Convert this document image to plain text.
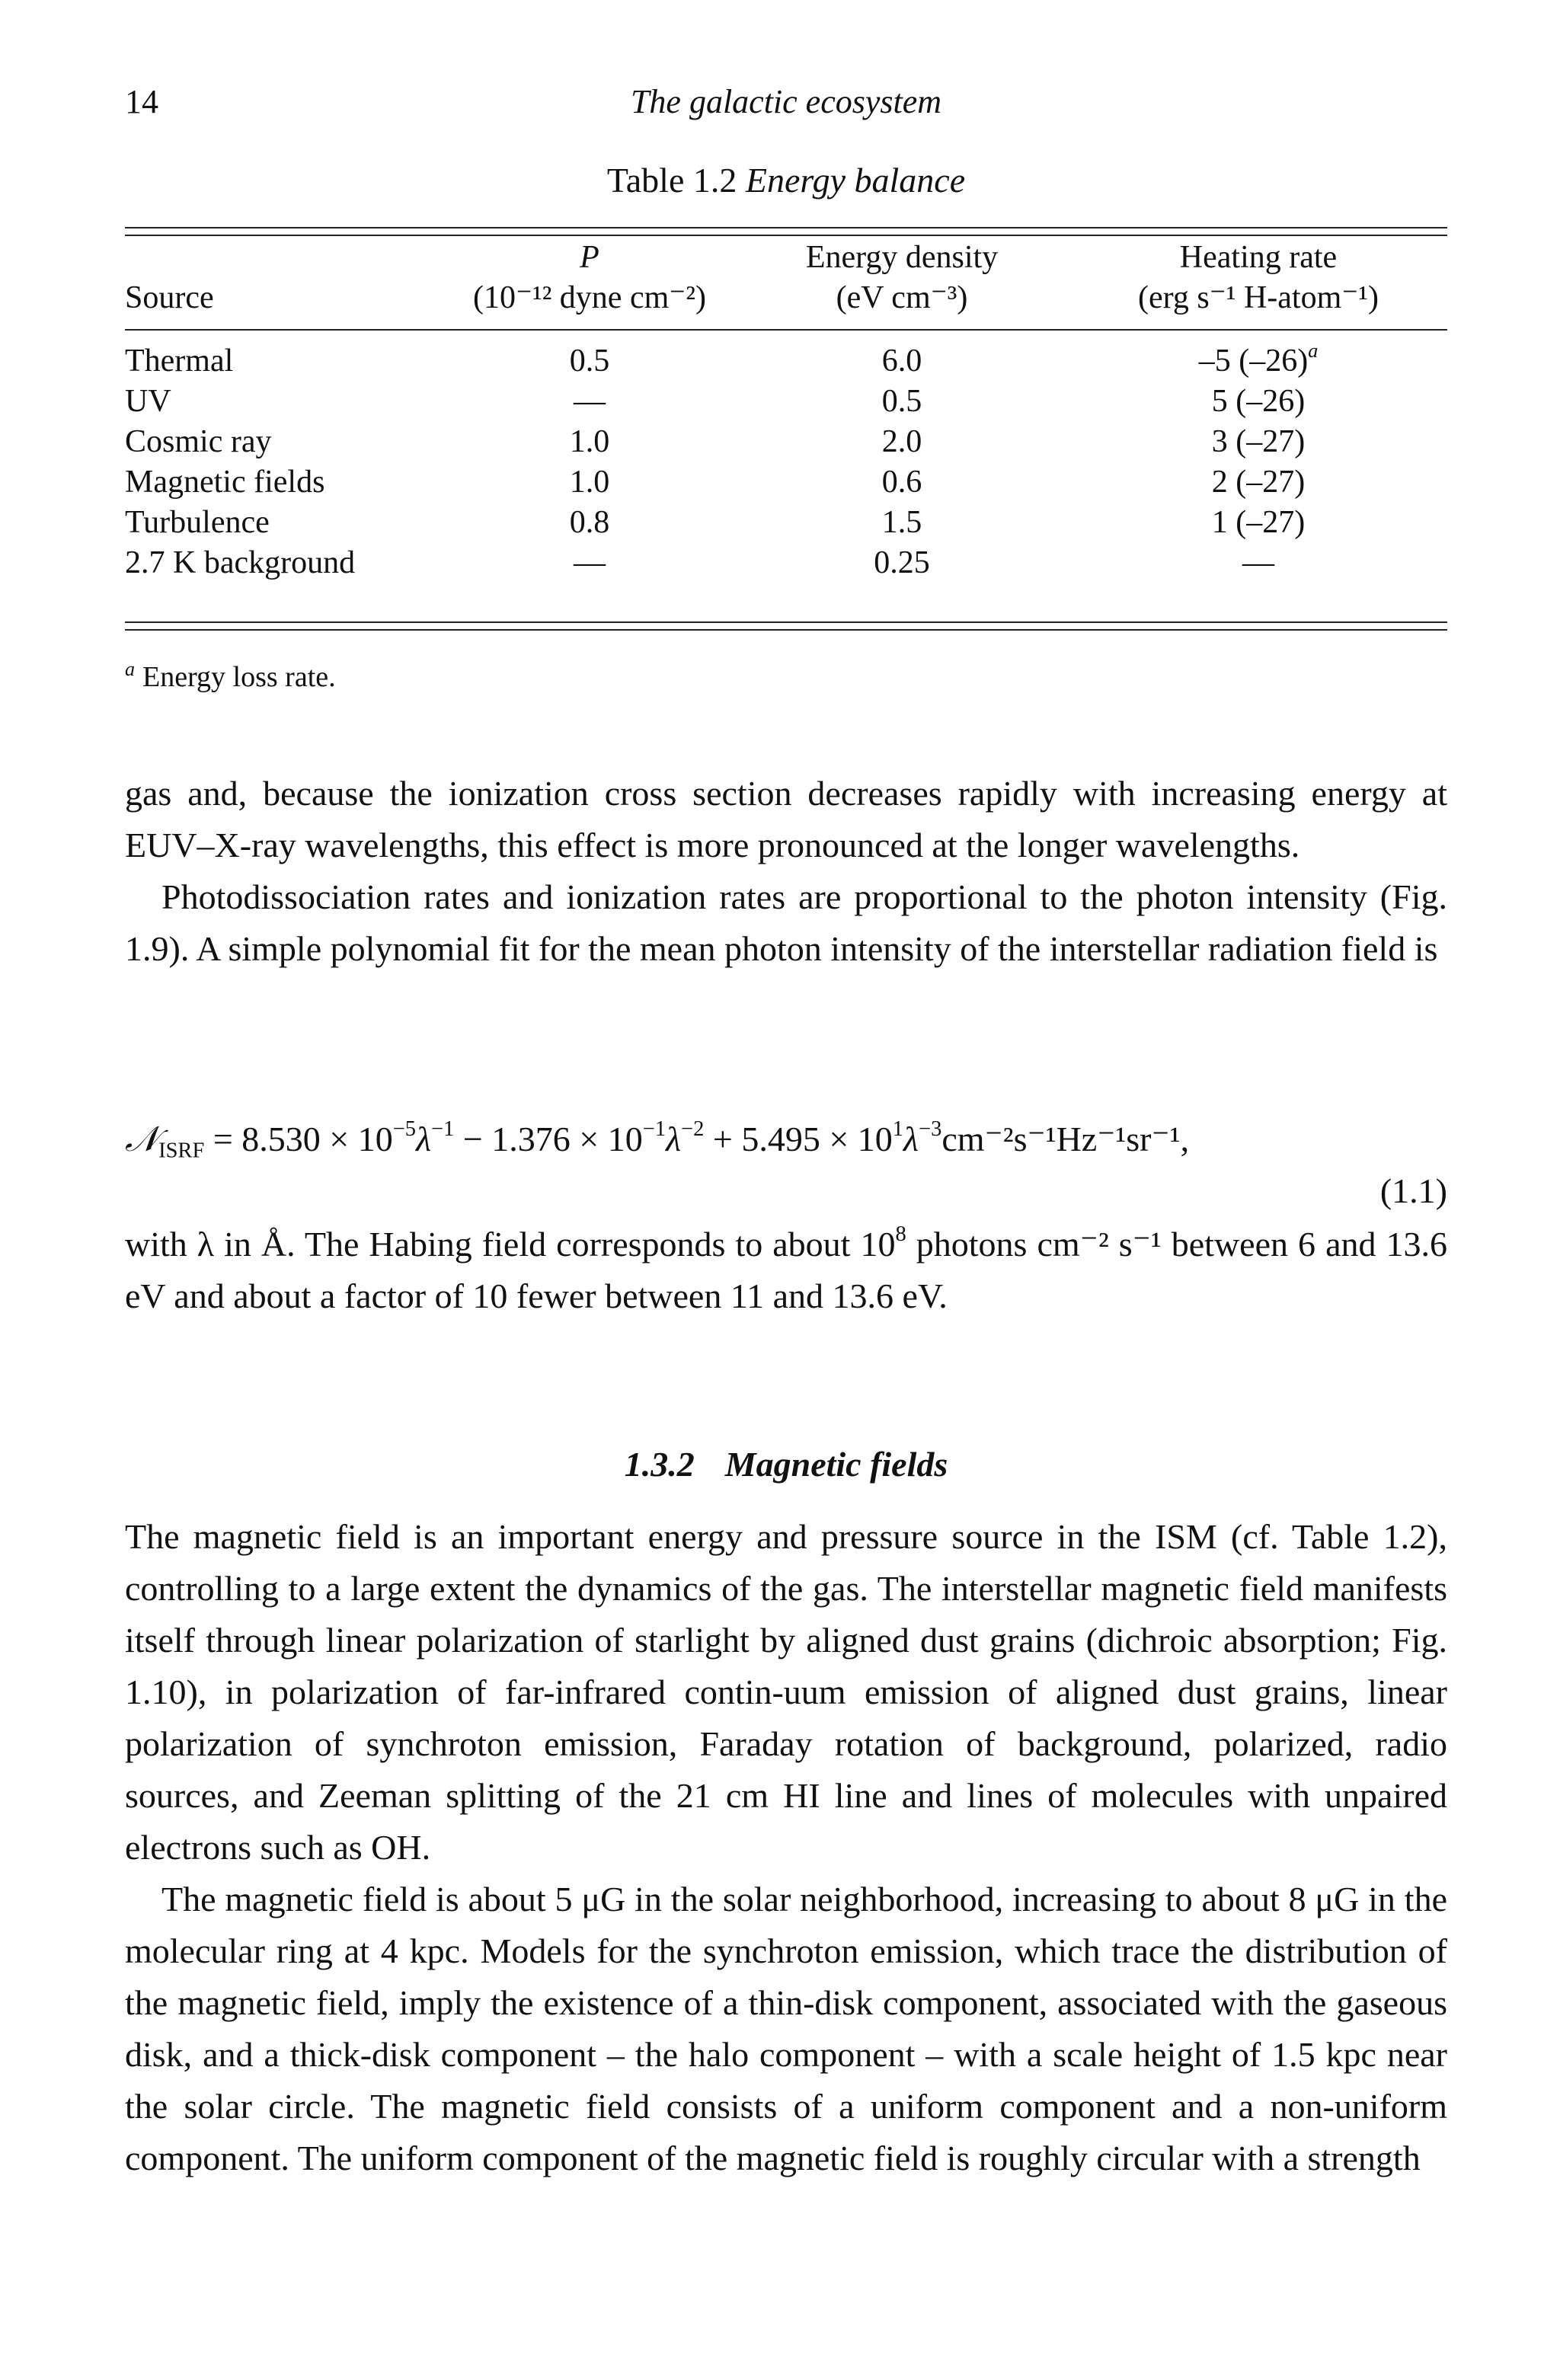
14	The galactic ecosystem
Table 1.2 Energy balance
	P	Energy density	Heating rate
Source	(10⁻¹² dyne cm⁻²)	(eV cm⁻³)	(erg s⁻¹ H-atom⁻¹)

Thermal	0.5	6.0	–5 $(-26)^a$
UV	—	0.5	5 (–26)
Cosmic ray	1.0	2.0	3 (–27)
Magnetic fields	1.0	0.6	2 (–27)
Turbulence	0.8	1.5	1 (–27)
2.7 K background	—	0.25	—
$^a$ Energy loss rate.

gas and, because the ionization cross section decreases rapidly with increasing energy at EUV–X-ray wavelengths, this effect is more pronounced at the longer wavelengths.

Photodissociation rates and ionization rates are proportional to the photon intensity (Fig. 1.9). A simple polynomial fit for the mean photon intensity of the interstellar radiation field is

𝒩$_{ISRF}$ = $8.530 \times 10^{-5}\lambda^{-1} - 1.376 \times 10^{-1}\lambda^{-2} + 5.495 \times 10^1\lambda^{-3}cm^{-2}s^{-1}Hz^{-1}sr^{-1}$,
(1.1)

with λ in Å. The Habing field corresponds to about $10^8$ photons cm⁻² s⁻¹ between 6 and 13.6 eV and about a factor of 10 fewer between 11 and 13.6 eV.

1.3.2 Magnetic fields

The magnetic field is an important energy and pressure source in the ISM (cf. Table 1.2), controlling to a large extent the dynamics of the gas. The interstellar magnetic field manifests itself through linear polarization of starlight by aligned dust grains (dichroic absorption; Fig. 1.10), in polarization of far-infrared contin-uum emission of aligned dust grains, linear polarization of synchroton emission, Faraday rotation of background, polarized, radio sources, and Zeeman splitting of the 21 cm HI line and lines of molecules with unpaired electrons such as OH.

The magnetic field is about 5 μG in the solar neighborhood, increasing to about 8 μG in the molecular ring at 4 kpc. Models for the synchroton emission, which trace the distribution of the magnetic field, imply the existence of a thin-disk component, associated with the gaseous disk, and a thick-disk component – the halo component – with a scale height of 1.5 kpc near the solar circle. The magnetic field consists of a uniform component and a non-uniform component. The uniform component of the magnetic field is roughly circular with a strength
